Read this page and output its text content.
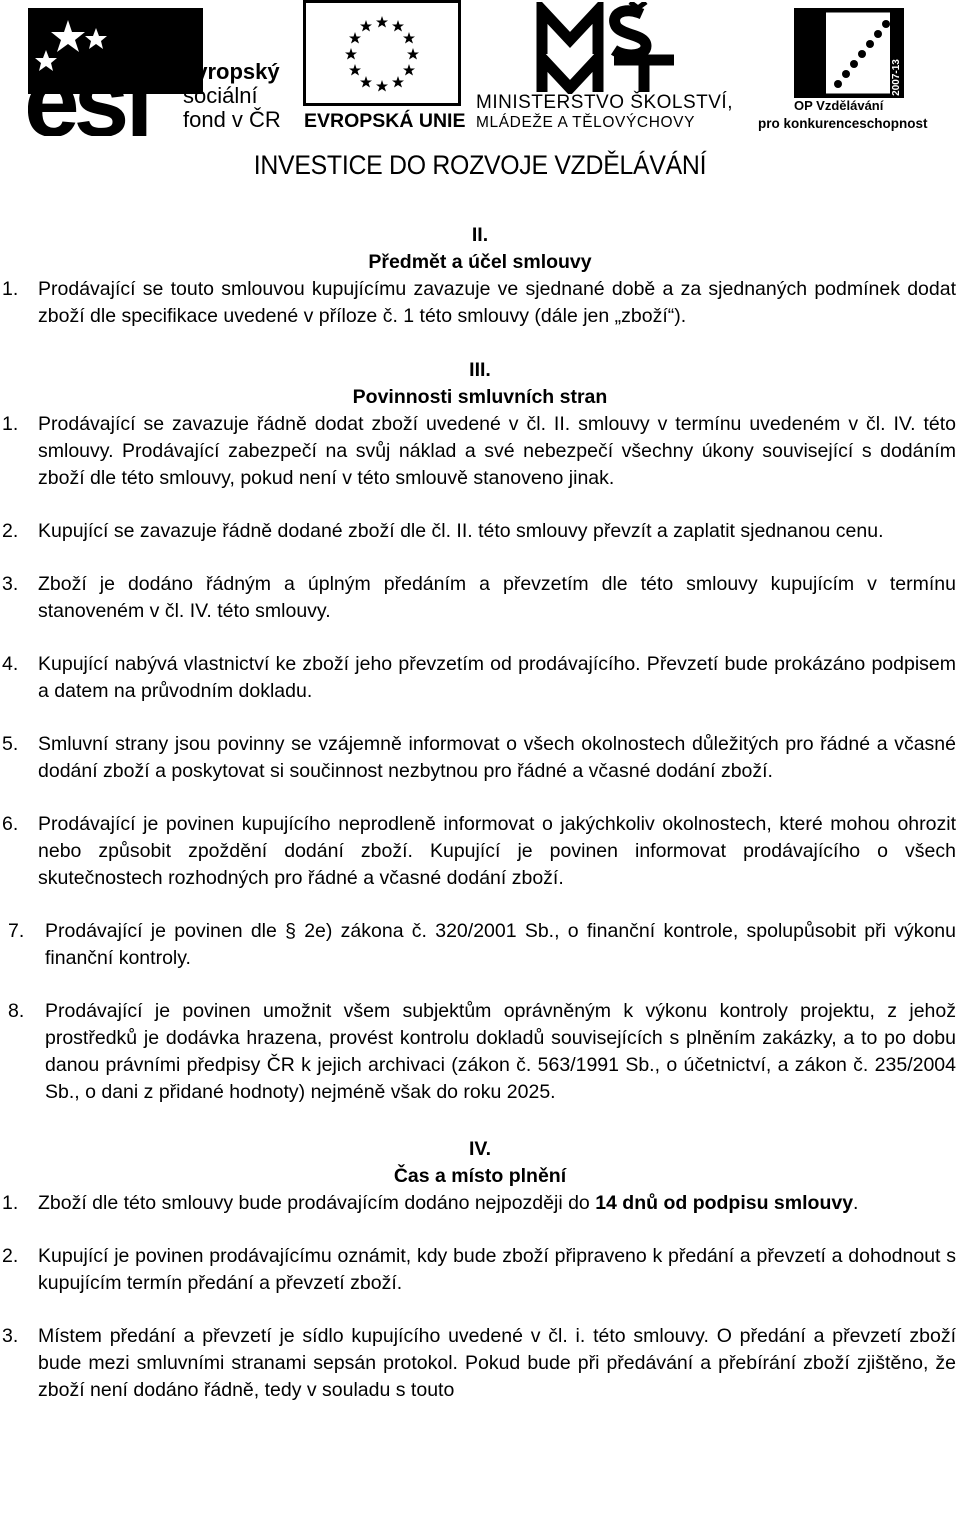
esf	evropský
sociální
fond v ČR EVROPSKÁ UNIE
MINISTERSTVO ŠKOLSTVÍ,
MLÁDEŽE A TĚLOVÝCHOVY
2007-13
OP Vzdělávání
pro konkurenceschopnost
INVESTICE DO ROZVOJE VZDĚLÁVÁNÍ
II.
Předmět a účel smlouvy
1. Prodávající se touto smlouvou kupujícímu zavazuje ve sjednané době a za sjednaných podmínek dodat zboží dle specifikace uvedené v příloze č. 1 této smlouvy (dále jen „zboží“).
III.
Povinnosti smluvních stran
1. Prodávající se zavazuje řádně dodat zboží uvedené v čl. II. smlouvy v termínu uvedeném v čl. IV. této smlouvy. Prodávající zabezpečí na svůj náklad a své nebezpečí všechny úkony související s dodáním zboží dle této smlouvy, pokud není v této smlouvě stanoveno jinak.
2. Kupující se zavazuje řádně dodané zboží dle čl. II. této smlouvy převzít a zaplatit sjednanou cenu.
3. Zboží je dodáno řádným a úplným předáním a převzetím dle této smlouvy kupujícím v termínu stanoveném v čl. IV. této smlouvy.
4. Kupující nabývá vlastnictví ke zboží jeho převzetím od prodávajícího. Převzetí bude prokázáno podpisem a datem na průvodním dokladu.
5. Smluvní strany jsou povinny se vzájemně informovat o všech okolnostech důležitých pro řádné a včasné dodání zboží a poskytovat si součinnost nezbytnou pro řádné a včasné dodání zboží.
6. Prodávající je povinen kupujícího neprodleně informovat o jakýchkoliv okolnostech, které mohou ohrozit nebo způsobit zpoždění dodání zboží. Kupující je povinen informovat prodávajícího o všech skutečnostech rozhodných pro řádné a včasné dodání zboží.
7. Prodávající je povinen dle § 2e) zákona č. 320/2001 Sb., o finanční kontrole, spolupůsobit při výkonu finanční kontroly.
8. Prodávající je povinen umožnit všem subjektům oprávněným k výkonu kontroly projektu, z jehož prostředků je dodávka hrazena, provést kontrolu dokladů souvisejících s plněním zakázky, a to po dobu danou právními předpisy ČR k jejich archivaci (zákon č. 563/1991 Sb., o účetnictví, a zákon č. 235/2004 Sb., o dani z přidané hodnoty) nejméně však do roku 2025.
IV.
Čas a místo plnění
1. Zboží dle této smlouvy bude prodávajícím dodáno nejpozději do 14 dnů od podpisu smlouvy.
2. Kupující je povinen prodávajícímu oznámit, kdy bude zboží připraveno k předání a převzetí a dohodnout s kupujícím termín předání a převzetí zboží.
3. Místem předání a převzetí je sídlo kupujícího uvedené v čl. i. této smlouvy. O předání a převzetí zboží bude mezi smluvními stranami sepsán protokol. Pokud bude při předávání a přebírání zboží zjištěno, že zboží není dodáno řádně, tedy v souladu s touto
